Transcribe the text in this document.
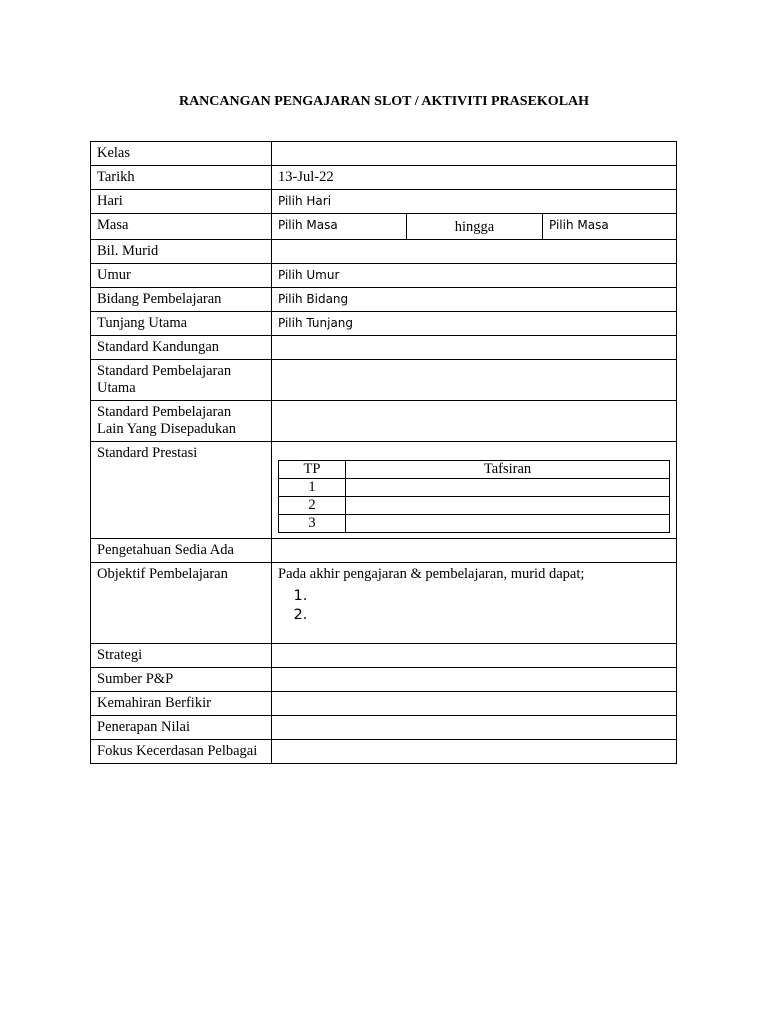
RANCANGAN PENGAJARAN SLOT / AKTIVITI PRASEKOLAH
Kelas	
Tarikh	13-Jul-22
Hari	Pilih Hari
Masa	Pilih Masa	hingga	Pilih Masa

Bil. Murid	
Umur	Pilih Umur
Bidang Pembelajaran	Pilih Bidang
Tunjang Utama	Pilih Tunjang
Standard Kandungan	

Standard Pembelajaran
Utama

Standard Pembelajaran
Lain Yang Disepadukan

Standard Prestasi	
TP	Tafsiran
1	
2	
3	

Pengetahuan Sedia Ada	
Objektif Pembelajaran	Pada akhir pengajaran & pembelajaran, murid dapat;
1.
2.

Strategi	
Sumber P&P	
Kemahiran Berfikir	
Penerapan Nilai	
Fokus Kecerdasan Pelbagai	
